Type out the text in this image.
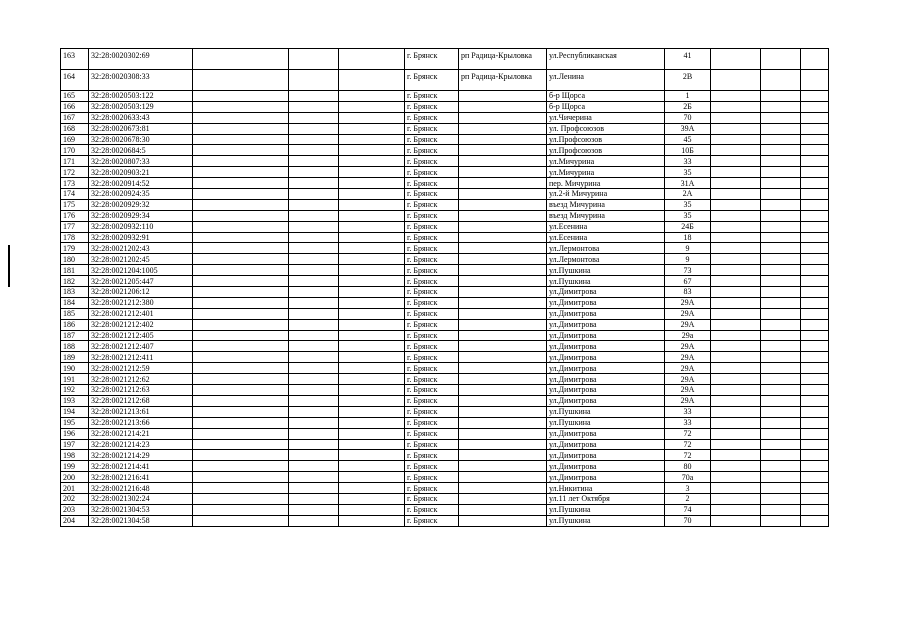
163	32:28:0020302:69				г. Брянск	рп Радица-Крыловка	ул.Республиканская	41			
164	32:28:0020308:33				г. Брянск	рп Радица-Крыловка	ул.Ленина	2В			
165	32:28:0020503:122				г. Брянск		б-р Щорса	1			
166	32:28:0020503:129				г. Брянск		б-р Щорса	2Б			
167	32:28:0020633:43				г. Брянск		ул.Чичерина	70			
168	32:28:0020673:81				г. Брянск		ул. Профсоюзов	39А			
169	32:28:0020678:30				г. Брянск		ул.Профсоюзов	45			
170	32:28:0020684:5				г. Брянск		ул.Профсоюзов	10Б			
171	32:28:0020807:33				г. Брянск		ул.Мичурина	33			
172	32:28:0020903:21				г. Брянск		ул.Мичурина	35			
173	32:28:0020914:52				г. Брянск		пер. Мичурина	31А			
174	32:28:0020924:35				г. Брянск		ул.2-й Мичурина	2А			
175	32:28:0020929:32				г. Брянск		въезд Мичурина	35			
176	32:28:0020929:34				г. Брянск		въезд Мичурина	35			
177	32:28:0020932:110				г. Брянск		ул.Есенина	24Б			
178	32:28:0020932:91				г. Брянск		ул.Есенина	18			
179	32:28:0021202:43				г. Брянск		ул.Лермонтова	9			
180	32:28:0021202:45				г. Брянск		ул.Лермонтова	9			
181	32:28:0021204:1005				г. Брянск		ул.Пушкина	73			
182	32:28:0021205:447				г. Брянск		ул.Пушкина	67			
183	32:28:0021206:12				г. Брянск		ул.Димитрова	83			
184	32:28:0021212:380				г. Брянск		ул.Димитрова	29А			
185	32:28:0021212:401				г. Брянск		ул.Димитрова	29А			
186	32:28:0021212:402				г. Брянск		ул.Димитрова	29А			
187	32:28:0021212:405				г. Брянск		ул.Димитрова	29а			
188	32:28:0021212:407				г. Брянск		ул.Димитрова	29А			
189	32:28:0021212:411				г. Брянск		ул.Димитрова	29А			
190	32:28:0021212:59				г. Брянск		ул.Димитрова	29А			
191	32:28:0021212:62				г. Брянск		ул.Димитрова	29А			
192	32:28:0021212:63				г. Брянск		ул.Димитрова	29А			
193	32:28:0021212:68				г. Брянск		ул.Димитрова	29А			
194	32:28:0021213:61				г. Брянск		ул.Пушкина	33			
195	32:28:0021213:66				г. Брянск		ул.Пушкина	33			
196	32:28:0021214:21				г. Брянск		ул.Димитрова	72			
197	32:28:0021214:23				г. Брянск		ул.Димитрова	72			
198	32:28:0021214:29				г. Брянск		ул.Димитрова	72			
199	32:28:0021214:41				г. Брянск		ул.Димитрова	80			
200	32:28:0021216:41				г. Брянск		ул.Димитрова	70а			
201	32:28:0021216:48				г. Брянск		ул.Никитина	3			
202	32:28:0021302:24				г. Брянск		ул.11 лет Октября	2			
203	32:28:0021304:53				г. Брянск		ул.Пушкина	74			
204	32:28:0021304:58				г. Брянск		ул.Пушкина	70			
